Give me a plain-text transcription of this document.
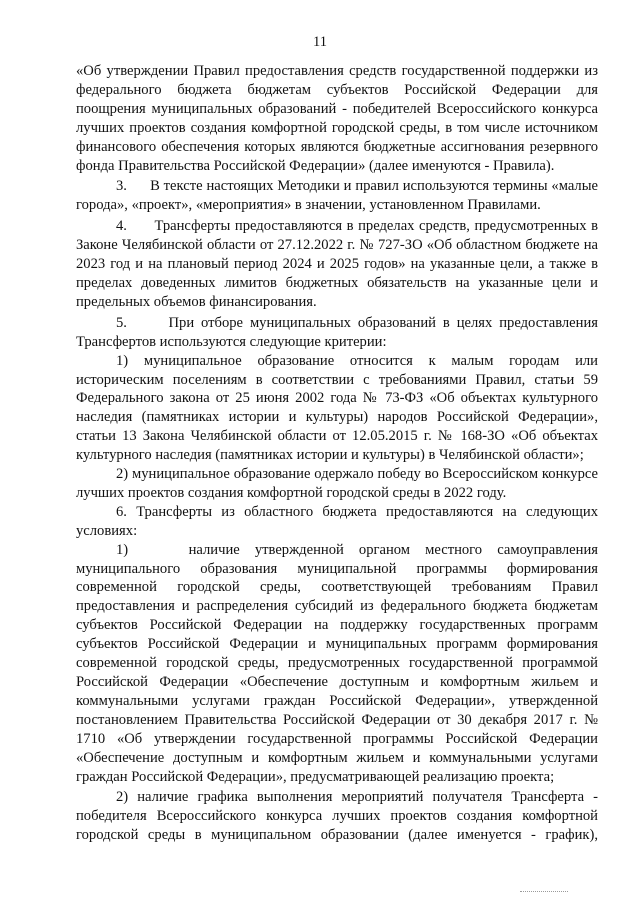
11

«Об утверждении Правил предоставления средств государственной поддержки из федерального бюджета бюджетам субъектов Российской Федерации для поощрения муниципальных образований - победителей Всероссийского конкурса лучших проектов создания комфортной городской среды, в том числе источником финансового обеспечения которых являются бюджетные ассигнования резервного фонда Правительства Российской Федерации» (далее именуются - Правила).

3.      В тексте настоящих Методики и правил используются термины «малые города», «проект», «мероприятия» в значении, установленном Правилами.

4.      Трансферты предоставляются в пределах средств, предусмотренных в Законе Челябинской области от 27.12.2022 г. № 727-ЗО «Об областном бюджете на 2023 год и на плановый период 2024 и 2025 годов» на указанные цели, а также в пределах доведенных лимитов бюджетных обязательств на указанные цели и предельных объемов финансирования.

5.      При отборе муниципальных образований в целях предоставления Трансфертов используются следующие критерии:

1) муниципальное образование относится к малым городам или историческим поселениям в соответствии с требованиями Правил, статьи 59 Федерального закона от 25 июня 2002 года № 73-ФЗ «Об объектах культурного наследия (памятниках истории и культуры) народов Российской Федерации», статьи 13 Закона Челябинской области от 12.05.2015 г. № 168-ЗО «Об объектах культурного наследия (памятниках истории и культуры) в Челябинской области»;

2) муниципальное образование одержало победу во Всероссийском конкурсе лучших проектов создания комфортной городской среды в 2022 году.

6. Трансферты из областного бюджета предоставляются на следующих условиях:

1)    наличие утвержденной органом местного самоуправления муниципального образования муниципальной программы формирования современной городской среды, соответствующей требованиям Правил предоставления и распределения субсидий из федерального бюджета бюджетам субъектов Российской Федерации на поддержку государственных программ субъектов Российской Федерации и муниципальных программ формирования современной городской среды, предусмотренных государственной программой Российской Федерации «Обеспечение доступным и комфортным жильем и коммунальными услугами граждан Российской Федерации», утвержденной постановлением Правительства Российской Федерации от 30 декабря 2017 г. № 1710 «Об утверждении государственной программы Российской Федерации «Обеспечение доступным и комфортным жильем и коммунальными услугами граждан Российской Федерации», предусматривающей реализацию проекта;

2) наличие графика выполнения мероприятий получателя Трансферта - победителя Всероссийского конкурса лучших проектов создания комфортной городской среды в муниципальном образовании (далее именуется - график),
